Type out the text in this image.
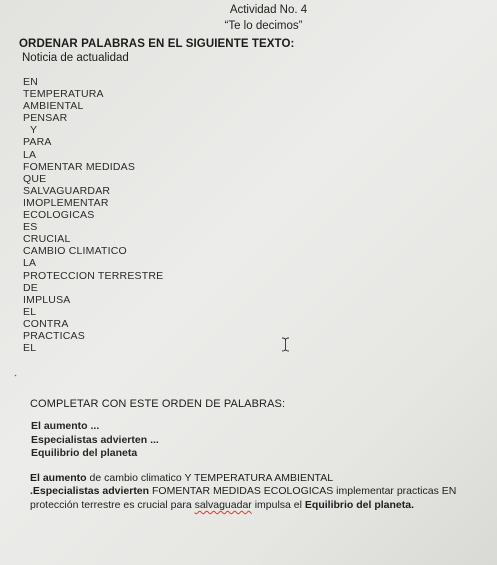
Actividad No. 4
“Te lo decimos”
ORDENAR PALABRAS EN EL SIGUIENTE TEXTO:
Noticia de actualidad
EN
TEMPERATURA
AMBIENTAL
PENSAR
Y
PARA
LA
FOMENTAR MEDIDAS
QUE
SALVAGUARDAR
IMOPLEMENTAR
ECOLOGICAS
ES
CRUCIAL
CAMBIO CLIMATICO
LA
PROTECCION TERRESTRE
DE
IMPLUSA
EL
CONTRA
PRACTICAS
EL
COMPLETAR CON ESTE ORDEN DE PALABRAS:
El aumento ...
Especialistas advierten ...
Equilibrio del planeta

El aumento de cambio climatico Y TEMPERATURA AMBIENTAL

.Especialistas advierten FOMENTAR MEDIDAS ECOLOGICAS implementar practicas EN

protección terrestre es crucial para salvaguadar impulsa el Equilibrio del planeta.
